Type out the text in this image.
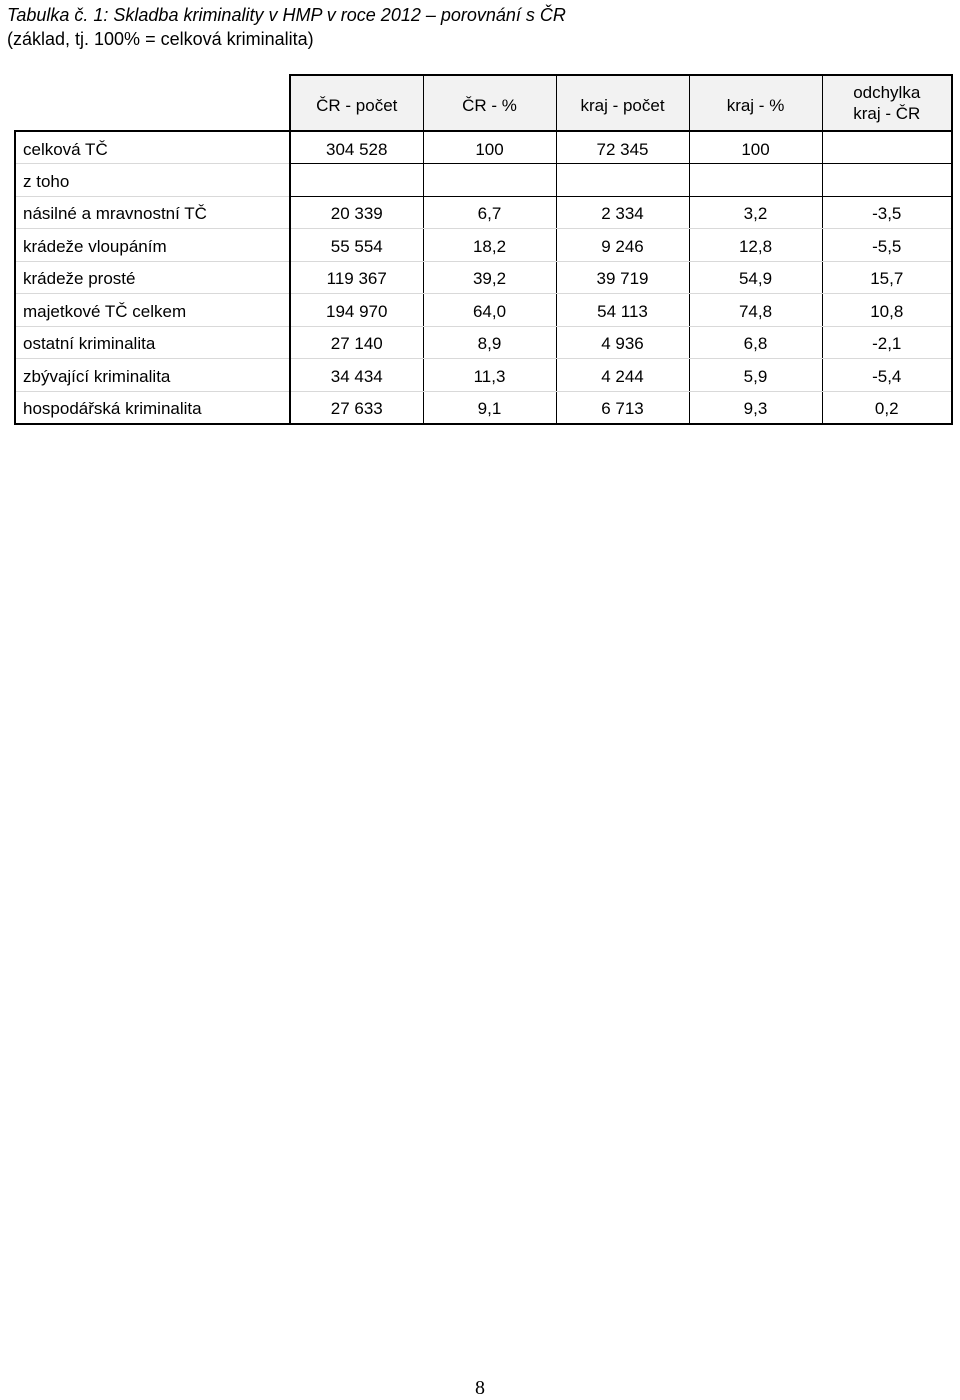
Tabulka č. 1: Skladba kriminality v HMP v roce 2012 – porovnání s ČR
(základ, tj. 100% = celková kriminalita)
	ČR - počet	ČR - %	kraj - počet	kraj - %	odchylka
kraj - ČR

celková TČ	304 528	100	72 345	100	
z toho					
násilné a mravnostní TČ	20 339	6,7	2 334	3,2	-3,5
krádeže vloupáním	55 554	18,2	9 246	12,8	-5,5
krádeže prosté	119 367	39,2	39 719	54,9	15,7
majetkové TČ celkem	194 970	64,0	54 113	74,8	10,8
ostatní kriminalita	27 140	8,9	4 936	6,8	-2,1
zbývající kriminalita	34 434	11,3	4 244	5,9	-5,4
hospodářská kriminalita	27 633	9,1	6 713	9,3	0,2
8
